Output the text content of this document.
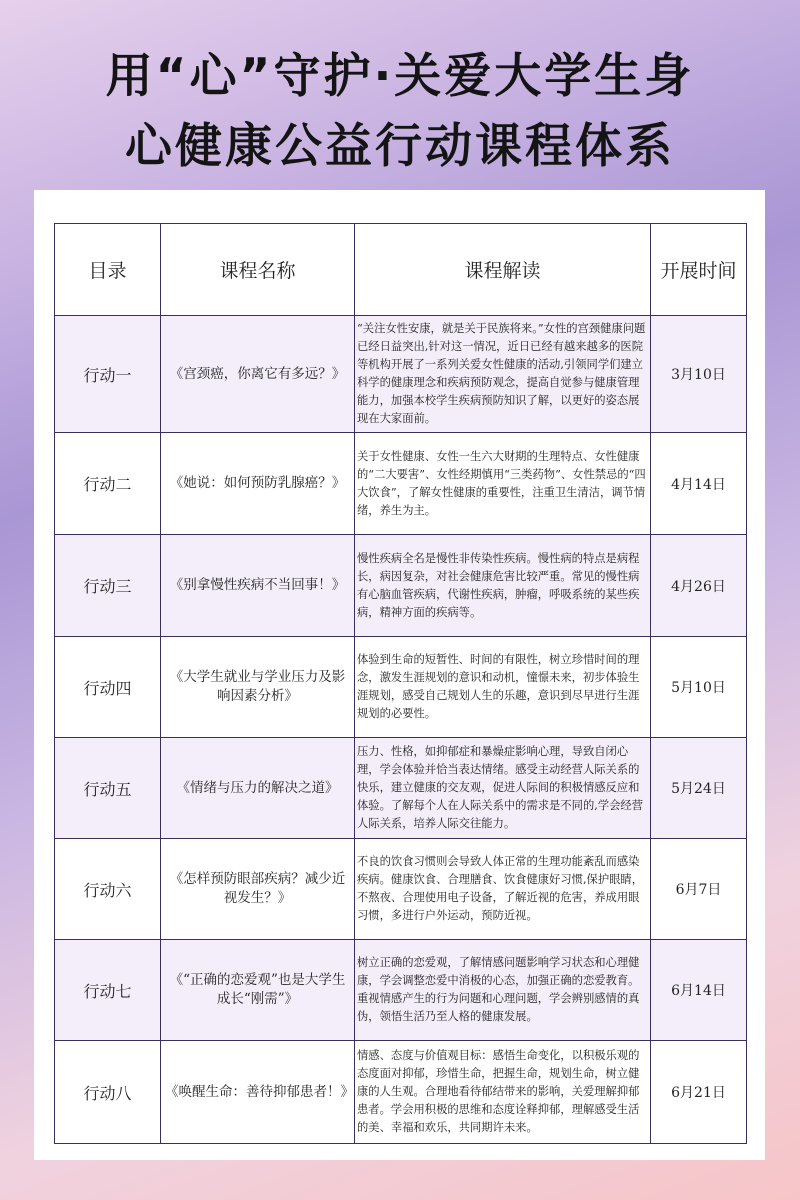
用“心”守护·关爱大学生身
心健康公益行动课程体系
目录	课程名称	课程解读	开展时间
行动一	《宫颈癌，你离它有多远？》	“关注女性安康，就是关于民族将来。”女性的宫颈健康问题已经日益突出,针对这一情况，近日已经有越来越多的医院等机构开展了一系列关爱女性健康的活动,引领同学们建立科学的健康理念和疾病预防观念，提高自觉参与健康管理能力，加强本校学生疾病预防知识了解，以更好的姿态展现在大家面前。	3月10日
行动二	《她说：如何预防乳腺癌？》	关于女性健康、女性一生六大财期的生理特点、女性健康的“二大要害”、女性经期慎用“三类药物”、女性禁忌的“四大饮食”，了解女性健康的重要性，注重卫生清洁，调节情绪，养生为主。	4月14日
行动三	《别拿慢性疾病不当回事！》	慢性疾病全名是慢性非传染性疾病。慢性病的特点是病程长，病因复杂，对社会健康危害比较严重。常见的慢性病有心脑血管疾病，代谢性疾病，肿瘤，呼吸系统的某些疾病，精神方面的疾病等。	4月26日
行动四	《大学生就业与学业压力及影响因素分析》	体验到生命的短暂性、时间的有限性，树立珍惜时间的理念，激发生涯规划的意识和动机，憧憬未来，初步体验生涯规划，感受自己规划人生的乐趣，意识到尽早进行生涯规划的必要性。	5月10日
行动五	《情绪与压力的解决之道》	压力、性格，如抑郁症和暴燥症影响心理，导致自闭心理，学会体验并恰当表达情绪。感受主动经营人际关系的快乐，建立健康的交友观，促进人际间的积极情感反应和体验。了解每个人在人际关系中的需求是不同的,学会经营人际关系，培养人际交往能力。	5月24日
行动六	《怎样预防眼部疾病？减少近视发生？》	不良的饮食习惯则会导致人体正常的生理功能紊乱而感染疾病。健康饮食、合理膳食、饮食健康好习惯,保护眼睛，不熬夜、合理使用电子设备，了解近视的危害，养成用眼习惯，多进行户外运动，预防近视。	6月7日
行动七	《“正确的恋爱观”也是大学生成长“刚需”》	树立正确的恋爱观，了解情感问题影响学习状态和心理健康，学会调整恋爱中消极的心态，加强正确的恋爱教育。重视情感产生的行为问题和心理问题，学会辨别感情的真伪，领悟生活乃至人格的健康发展。	6月14日
行动八	《唤醒生命：善待抑郁患者！》	情感、态度与价值观目标：感悟生命变化，以积极乐观的态度面对抑郁，珍惜生命，把握生命，规划生命，树立健康的人生观。合理地看待郁结带来的影响，关爱理解抑郁患者。学会用积极的思维和态度诠释抑郁，理解感受生活的美、幸福和欢乐，共同期许未来。	6月21日
